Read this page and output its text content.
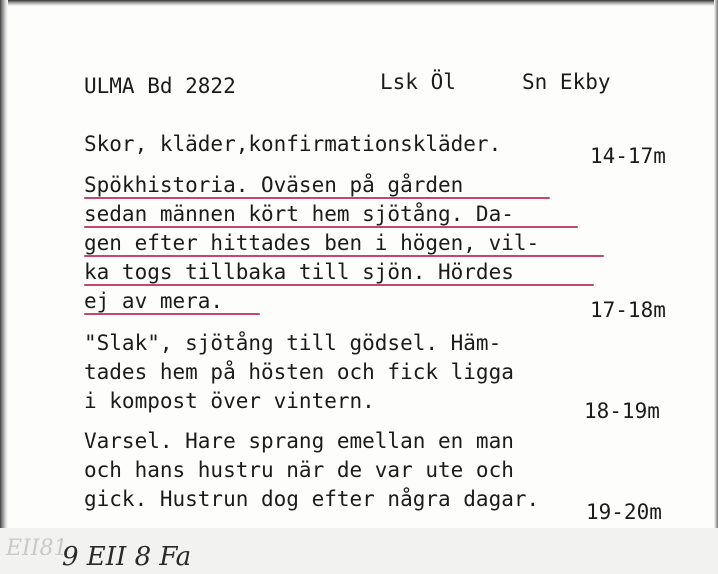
ULMA Bd 2822	Lsk Öl	Sn Ekby
Skor, kläder,konfirmationskläder.	14-17m
Spökhistoria. Oväsen på gården
sedan männen kört hem sjötång. Da-
gen efter hittades ben i högen, vil-
ka togs tillbaka till sjön. Hördes
ej av mera.	17-18m
"Slak", sjötång till gödsel. Häm-
tades hem på hösten och fick ligga
i kompost över vintern.	18-19m
Varsel. Hare sprang emellan en man
och hans hustru när de var ute och
gick. Hustrun dog efter några dagar.
19-20m
EII81
9 EII 8 Fa
